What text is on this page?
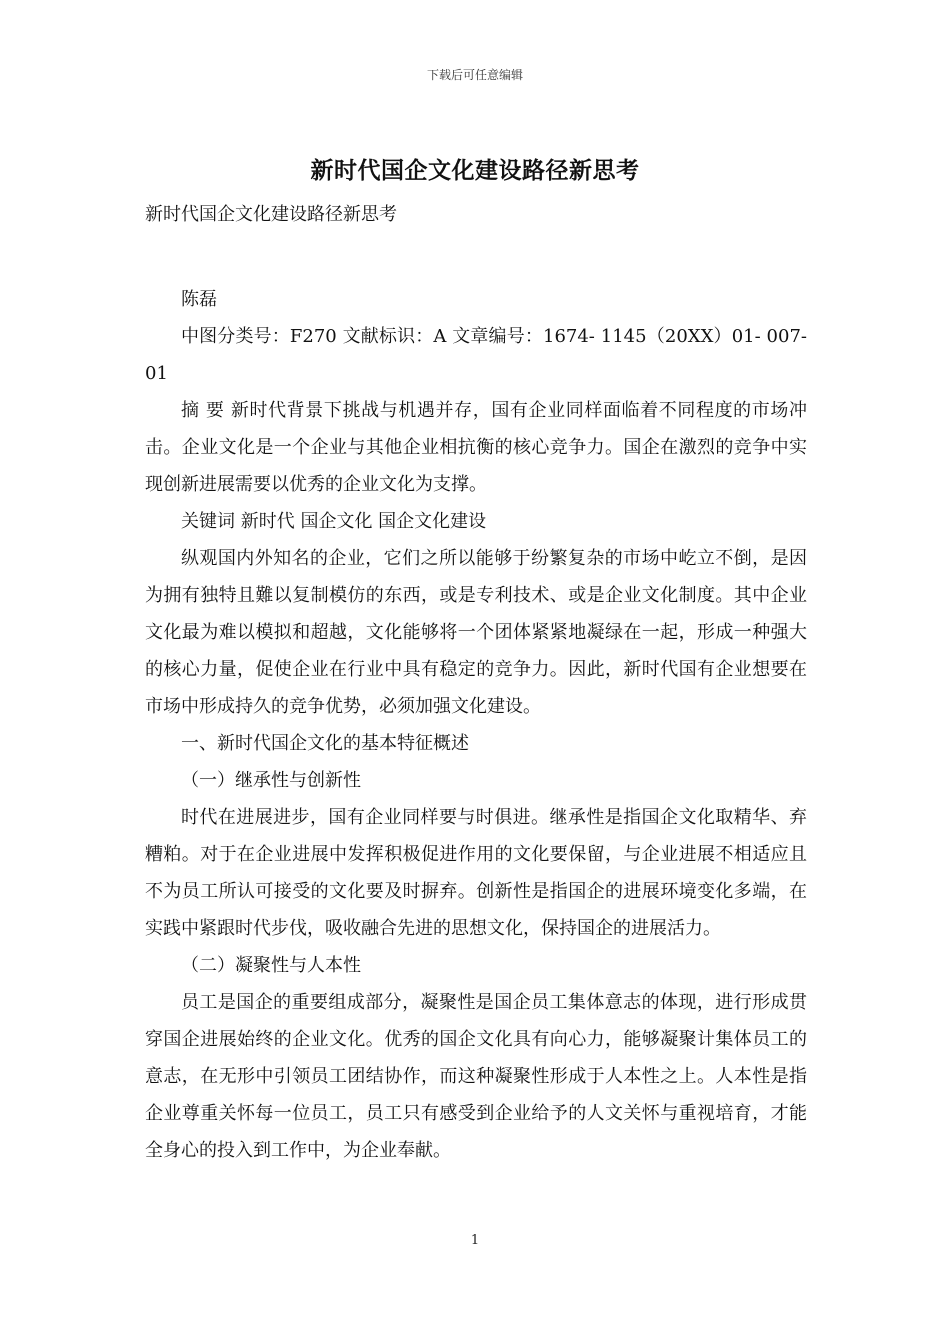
下载后可任意编辑
新时代国企文化建设路径新思考

新时代国企文化建设路径新思考

陈磊

中图分类号：F270 文献标识：A 文章编号：1674- 1145（20XX）01- 007-01

摘 要 新时代背景下挑战与机遇并存，国有企业同样面临着不同程度的市场冲击。企业文化是一个企业与其他企业相抗衡的核心竞争力。国企在激烈的竞争中实现创新进展需要以优秀的企业文化为支撑。

关键词 新时代 国企文化 国企文化建设

纵观国内外知名的企业，它们之所以能够于纷繁复杂的市场中屹立不倒，是因为拥有独特且難以复制模仿的东西，或是专利技术、或是企业文化制度。其中企业文化最为难以模拟和超越，文化能够将一个团体紧紧地凝绿在一起，形成一种强大的核心力量，促使企业在行业中具有稳定的竞争力。因此，新时代国有企业想要在市场中形成持久的竞争优势，必须加强文化建设。

一、新时代国企文化的基本特征概述

（一）继承性与创新性

时代在进展进步，国有企业同样要与时俱进。继承性是指国企文化取精华、弃糟粕。对于在企业进展中发挥积极促进作用的文化要保留，与企业进展不相适应且不为员工所认可接受的文化要及时摒弃。创新性是指国企的进展环境变化多端，在实践中紧跟时代步伐，吸收融合先进的思想文化，保持国企的进展活力。

（二）凝聚性与人本性

员工是国企的重要组成部分，凝聚性是国企员工集体意志的体现，进行形成贯穿国企进展始终的企业文化。优秀的国企文化具有向心力，能够凝聚计集体员工的意志，在无形中引领员工团结协作，而这种凝聚性形成于人本性之上。人本性是指企业尊重关怀每一位员工，员工只有感受到企业给予的人文关怀与重视培育，才能全身心的投入到工作中，为企业奉献。

1
